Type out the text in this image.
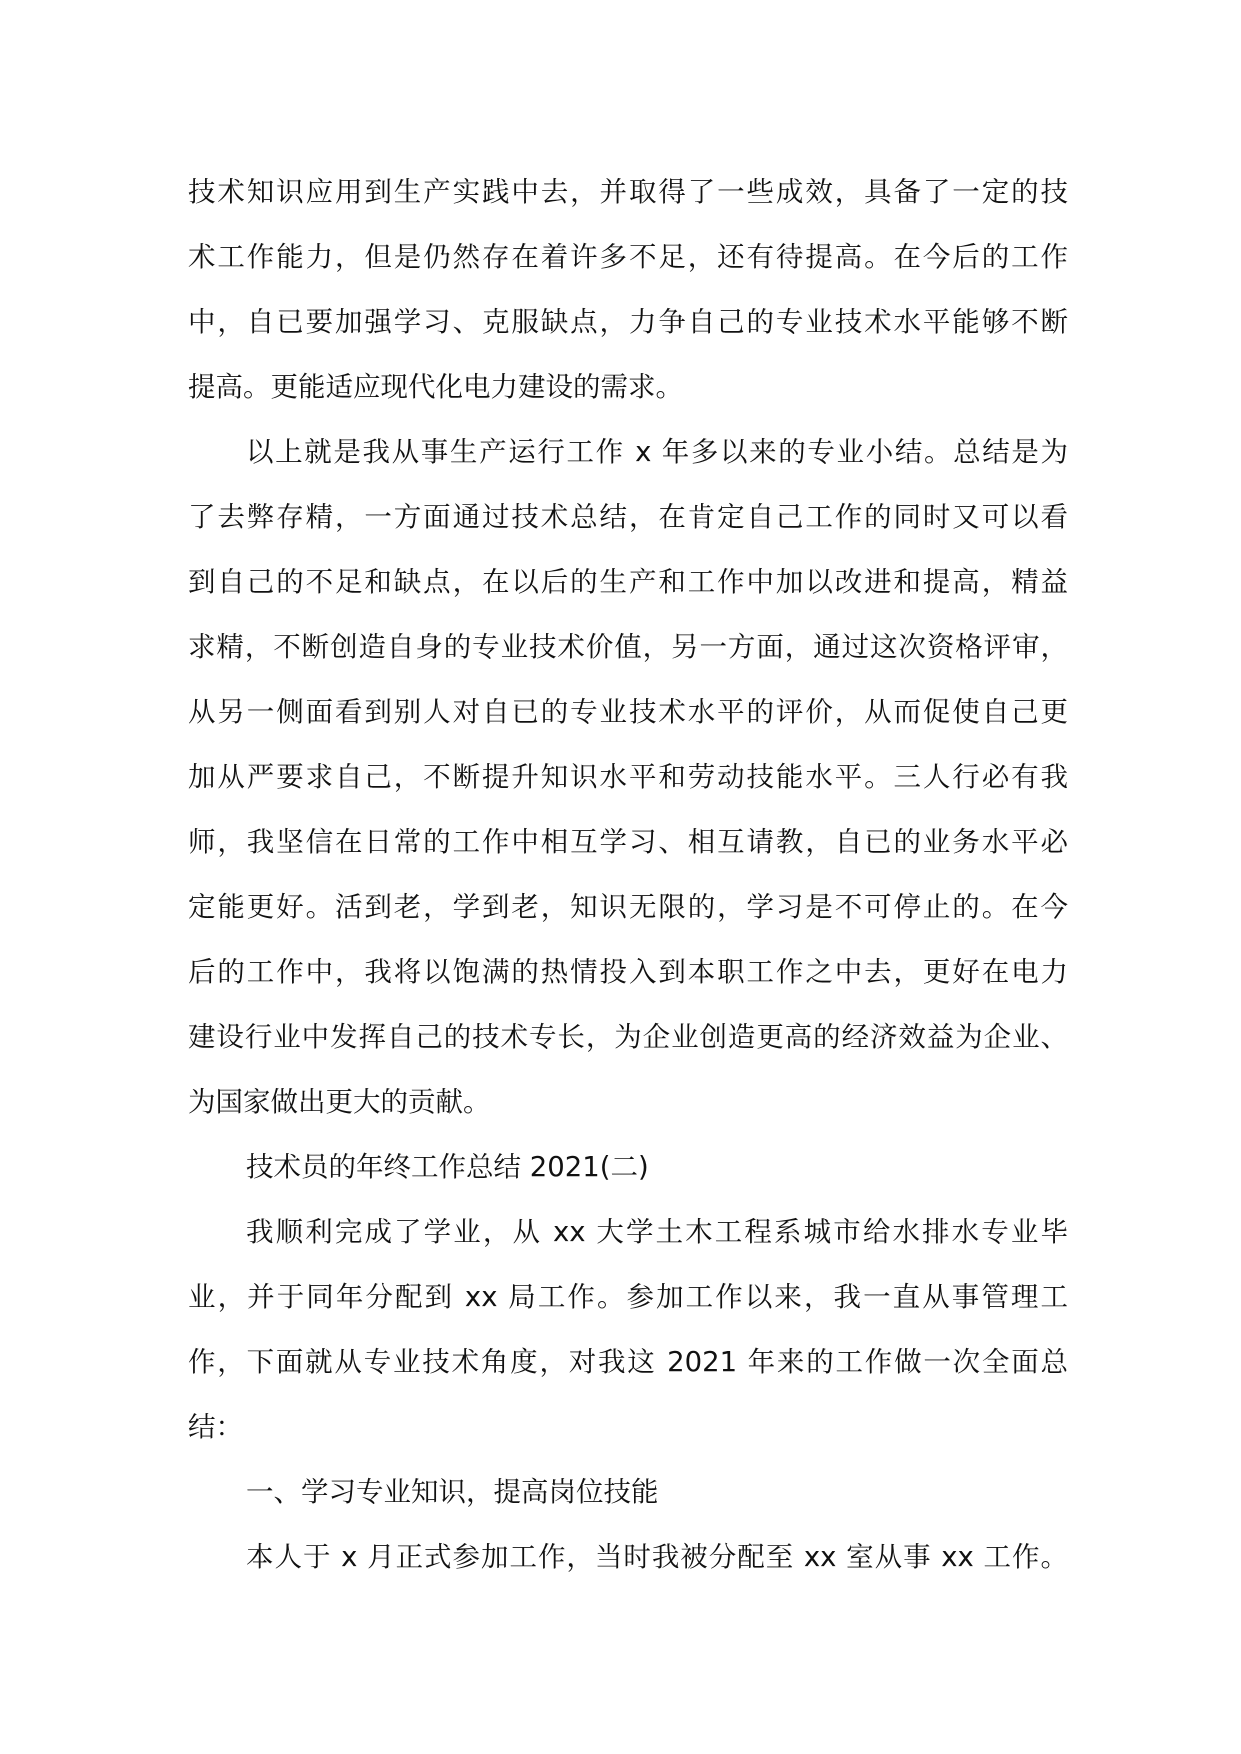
技术知识应用到生产实践中去，并取得了一些成效，具备了一定的技
术工作能力，但是仍然存在着许多不足，还有待提高。在今后的工作
中，自已要加强学习、克服缺点，力争自己的专业技术水平能够不断
提高。更能适应现代化电力建设的需求。
以上就是我从事生产运行工作 x 年多以来的专业小结。总结是为
了去弊存精，一方面通过技术总结，在肯定自己工作的同时又可以看
到自己的不足和缺点，在以后的生产和工作中加以改进和提高，精益
求精，不断创造自身的专业技术价值，另一方面，通过这次资格评审，
从另一侧面看到别人对自已的专业技术水平的评价，从而促使自己更
加从严要求自己，不断提升知识水平和劳动技能水平。三人行必有我
师，我坚信在日常的工作中相互学习、相互请教，自已的业务水平必
定能更好。活到老，学到老，知识无限的，学习是不可停止的。在今
后的工作中，我将以饱满的热情投入到本职工作之中去，更好在电力
建设行业中发挥自己的技术专长，为企业创造更高的经济效益为企业、
为国家做出更大的贡献。
技术员的年终工作总结 2021(二)
我顺利完成了学业，从 xx 大学土木工程系城市给水排水专业毕
业，并于同年分配到 xx 局工作。参加工作以来，我一直从事管理工
作，下面就从专业技术角度，对我这 2021 年来的工作做一次全面总
结：
一、学习专业知识，提高岗位技能
本人于 x 月正式参加工作，当时我被分配至 xx 室从事 xx 工作。
